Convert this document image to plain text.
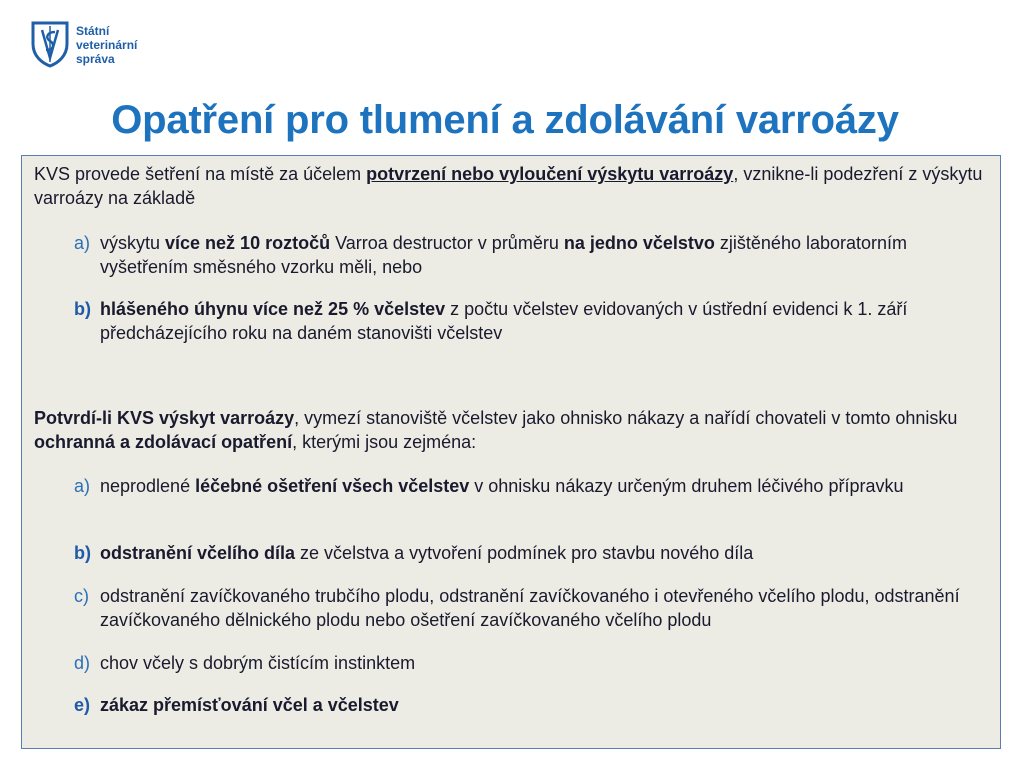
Státní
veterinární
správa
Opatření pro tlumení a zdolávání varroázy
KVS provede šetření na místě za účelem potvrzení nebo vyloučení výskytu varroázy, vznikne-li podezření z výskytu varroázy na základě
a) výskytu více než 10 roztočů Varroa destructor v průměru na jedno včelstvo zjištěného laboratorním vyšetřením směsného vzorku měli, nebo
b) hlášeného úhynu více než 25 % včelstev z počtu včelstev evidovaných v ústřední evidenci k 1. září předcházejícího roku na daném stanovišti včelstev
Potvrdí-li KVS výskyt varroázy, vymezí stanoviště včelstev jako ohnisko nákazy a nařídí chovateli v tomto ohnisku ochranná a zdolávací opatření, kterými jsou zejména:
a) neprodlené léčebné ošetření všech včelstev v ohnisku nákazy určeným druhem léčivého přípravku
b) odstranění včelího díla ze včelstva a vytvoření podmínek pro stavbu nového díla
c) odstranění zavíčkovaného trubčího plodu, odstranění zavíčkovaného i otevřeného včelího plodu, odstranění zavíčkovaného dělnického plodu nebo ošetření zavíčkovaného včelího plodu
d) chov včely s dobrým čistícím instinktem
e) zákaz přemísťování včel a včelstev
